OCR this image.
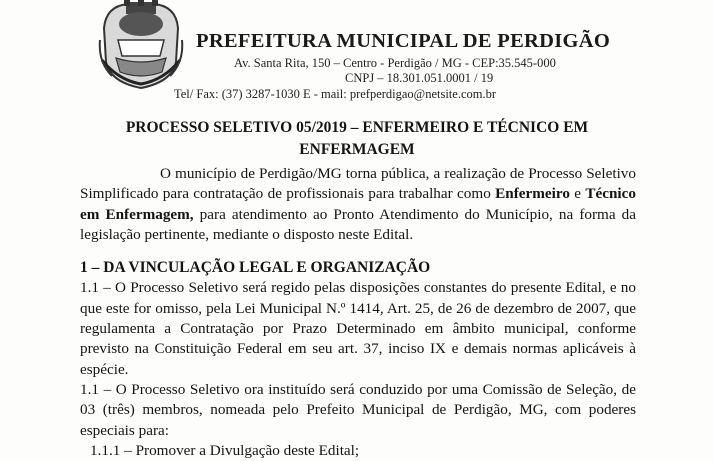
PREFEITURA MUNICIPAL DE PERDIGÃO
Av. Santa Rita, 150 – Centro - Perdigão / MG - CEP:35.545-000
CNPJ – 18.301.051.0001 / 19
Tel/ Fax: (37) 3287-1030 E - mail: prefperdigao@netsite.com.br
PROCESSO SELETIVO 05/2019 – ENFERMEIRO E TÉCNICO EM
ENFERMAGEM

O município de Perdigão/MG torna pública, a realização de Processo Seletivo Simplificado para contratação de profissionais para trabalhar como Enfermeiro e Técnico em Enfermagem, para atendimento ao Pronto Atendimento do Município, na forma da legislação pertinente, mediante o disposto neste Edital.

1 – DA VINCULAÇÃO LEGAL E ORGANIZAÇÃO

1.1 – O Processo Seletivo será regido pelas disposições constantes do presente Edital, e no que este for omisso, pela Lei Municipal N.º 1414, Art. 25, de 26 de dezembro de 2007, que regulamenta a Contratação por Prazo Determinado em âmbito municipal, conforme previsto na Constituição Federal em seu art. 37, inciso IX e demais normas aplicáveis à espécie.

1.1 – O Processo Seletivo ora instituído será conduzido por uma Comissão de Seleção, de 03 (três) membros, nomeada pelo Prefeito Municipal de Perdigão, MG, com poderes especiais para:

1.1.1 – Promover a Divulgação deste Edital;
